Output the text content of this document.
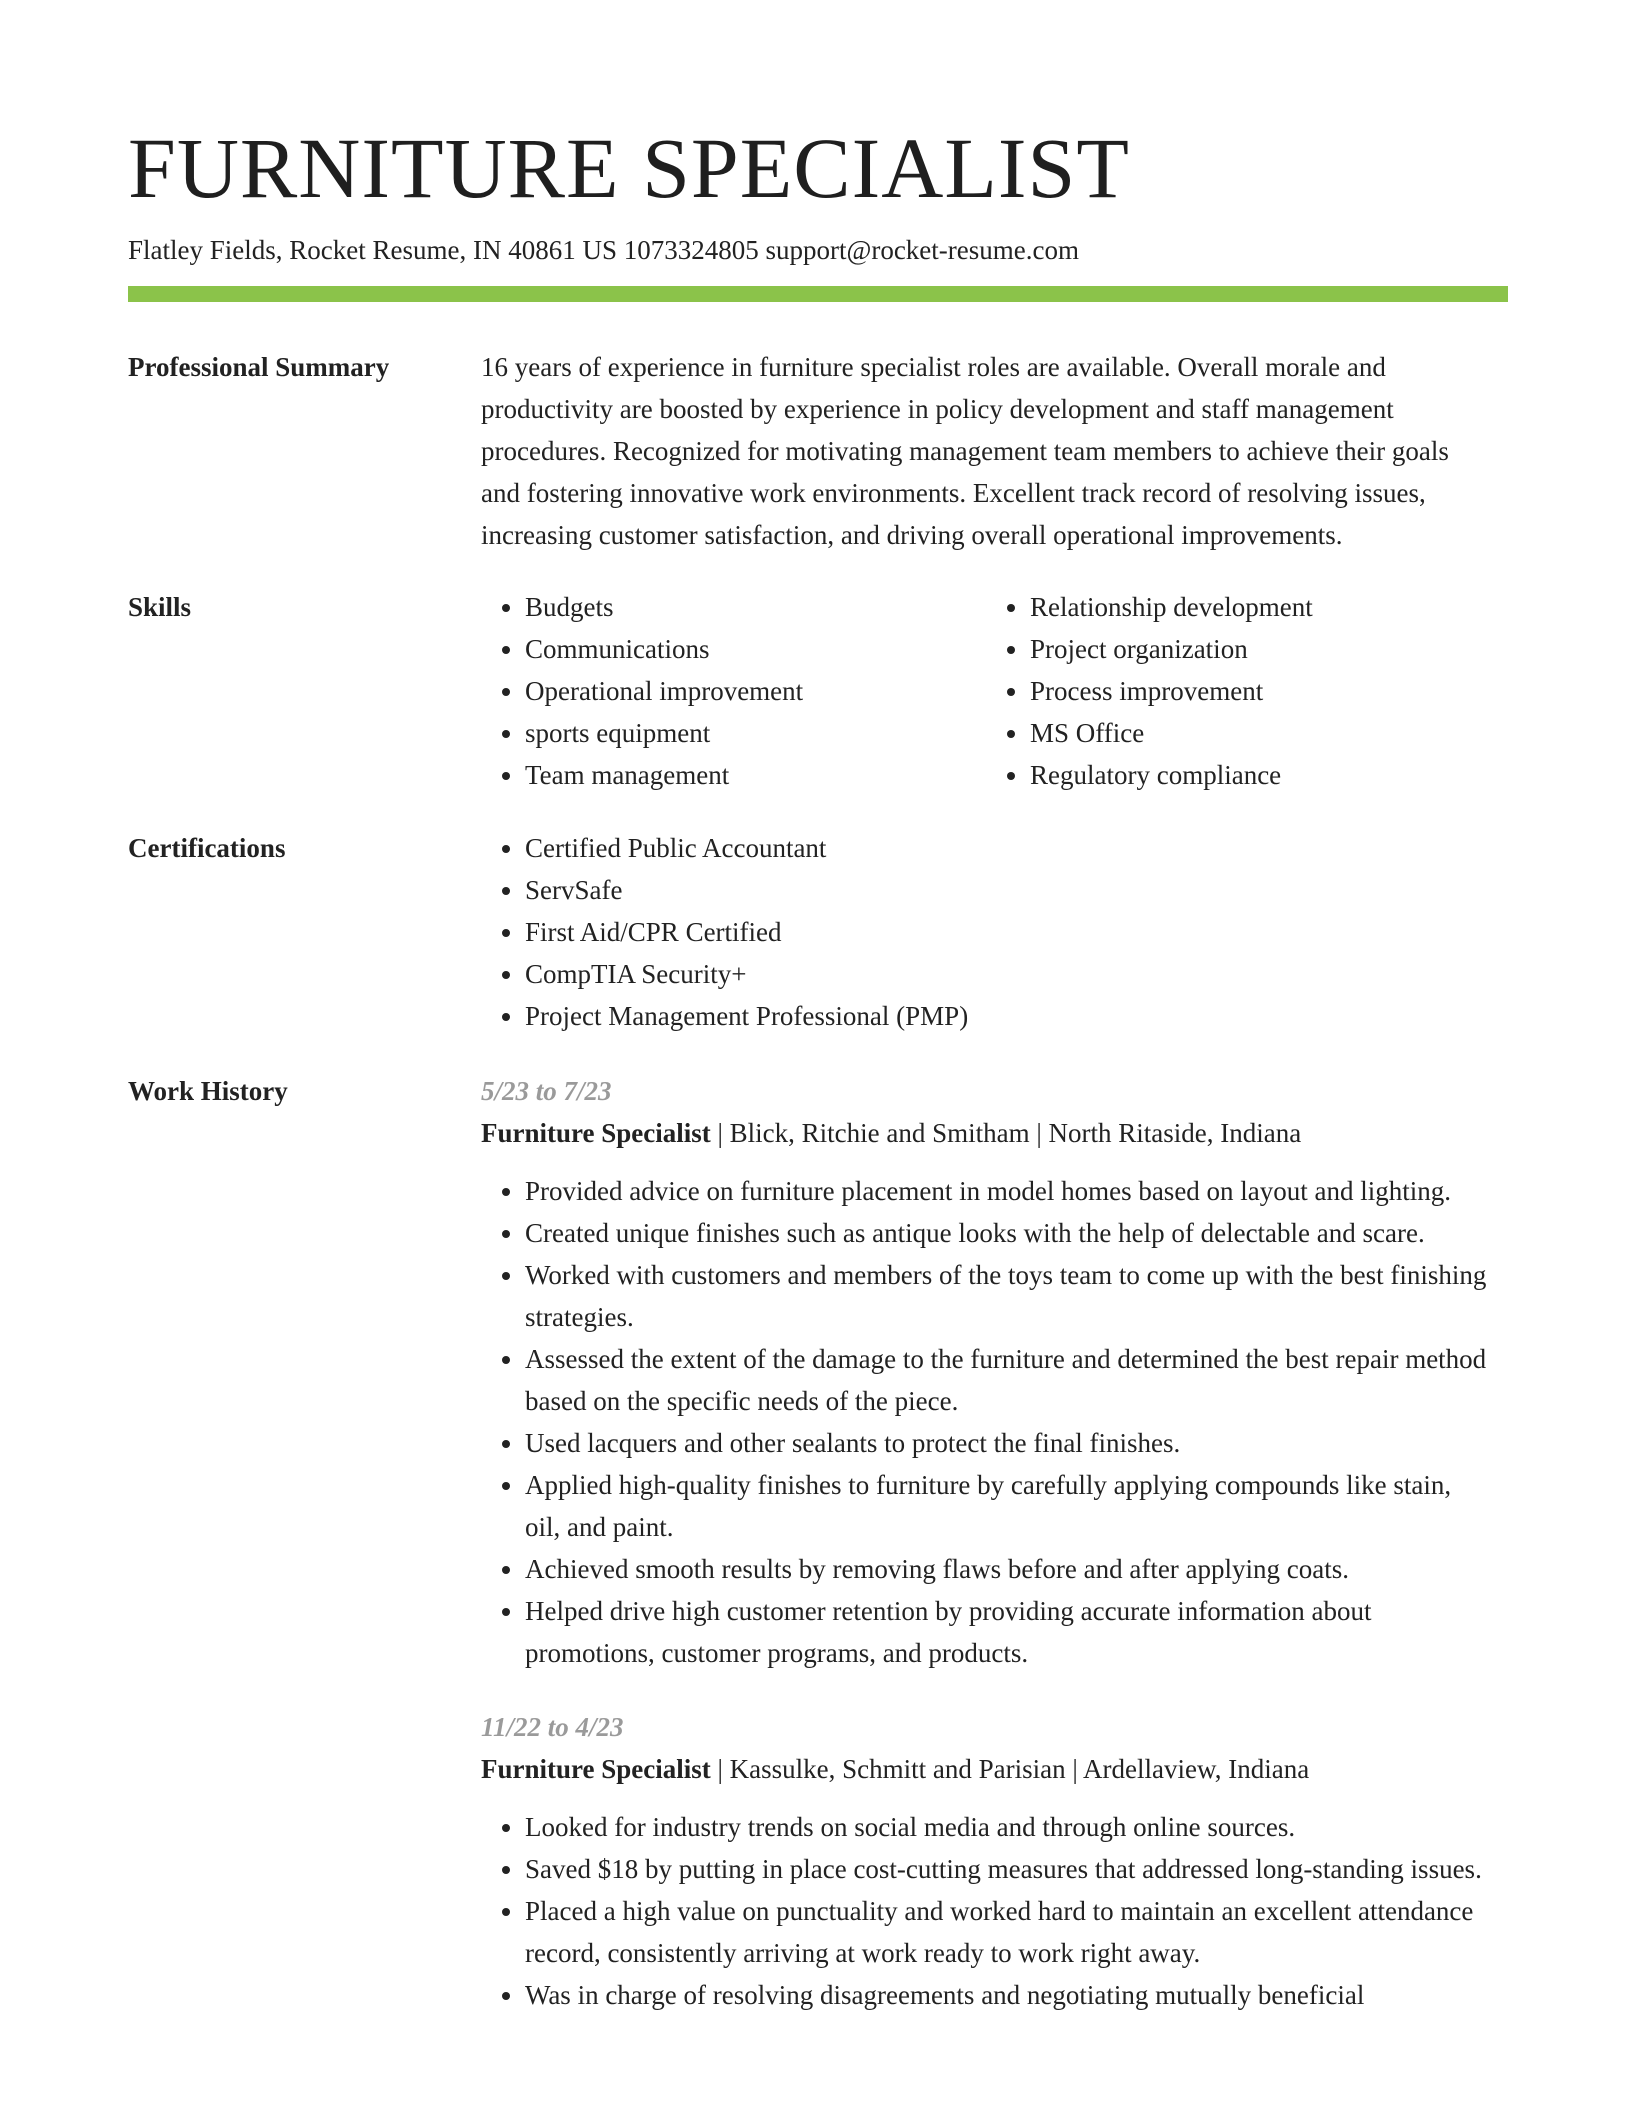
FURNITURE SPECIALIST
Flatley Fields, Rocket Resume, IN 40861 US 1073324805 support@rocket-resume.com
Professional Summary	16 years of experience in furniture specialist roles are available. Overall morale and productivity are boosted by experience in policy development and staff management procedures. Recognized for motivating management team members to achieve their goals and fostering innovative work environments. Excellent track record of resolving issues, increasing customer satisfaction, and driving overall operational improvements.

Skills	• Budgets
• Communications
• Operational improvement
• sports equipment
• Team management
• Relationship development
• Project organization
• Process improvement
• MS Office
• Regulatory compliance
Certifications	• Certified Public Accountant
• ServSafe
• First Aid/CPR Certified
• CompTIA Security+
• Project Management Professional (PMP)
Work History	5/23 to 7/23
Furniture Specialist | Blick, Ritchie and Smitham | North Ritaside, Indiana
• Provided advice on furniture placement in model homes based on layout and lighting.
• Created unique finishes such as antique looks with the help of delectable and scare.
• Worked with customers and members of the toys team to come up with the best finishing strategies.
• Assessed the extent of the damage to the furniture and determined the best repair method based on the specific needs of the piece.
• Used lacquers and other sealants to protect the final finishes.
• Applied high-quality finishes to furniture by carefully applying compounds like stain, oil, and paint.
• Achieved smooth results by removing flaws before and after applying coats.
• Helped drive high customer retention by providing accurate information about promotions, customer programs, and products.
11/22 to 4/23
Furniture Specialist | Kassulke, Schmitt and Parisian | Ardellaview, Indiana
• Looked for industry trends on social media and through online sources.
• Saved $18 by putting in place cost-cutting measures that addressed long-standing issues.
• Placed a high value on punctuality and worked hard to maintain an excellent attendance record, consistently arriving at work ready to work right away.
• Was in charge of resolving disagreements and negotiating mutually beneficial
